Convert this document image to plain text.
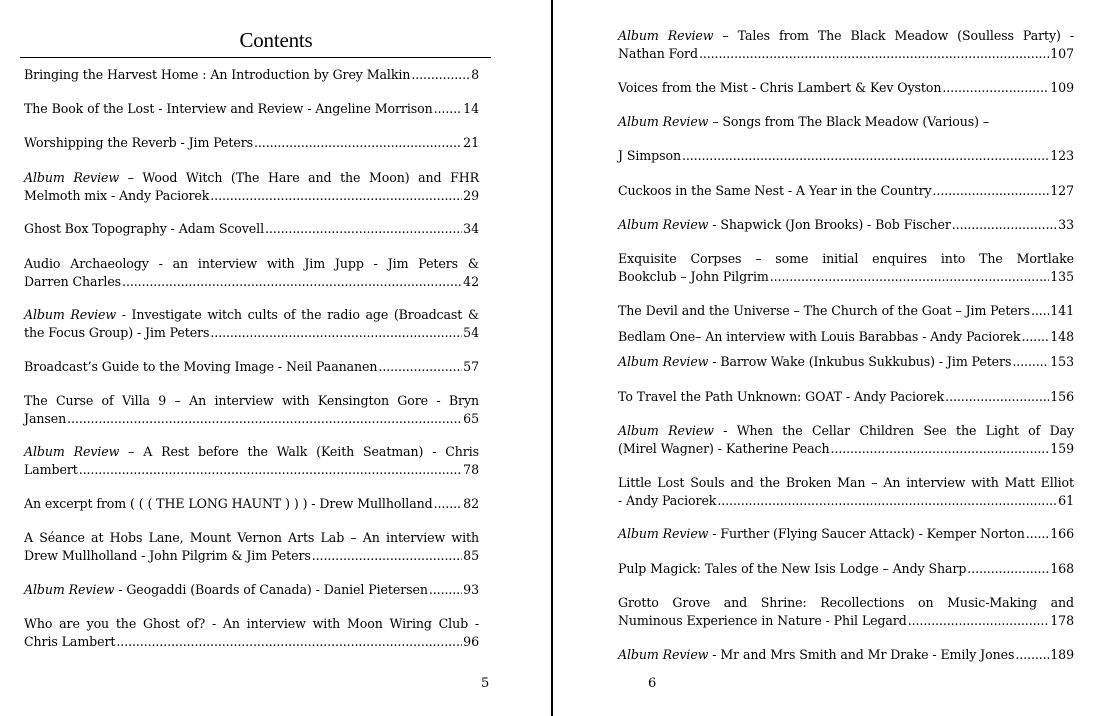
Contents
Bringing the Harvest Home : An Introduction by Grey Malkin .....	8
The Book of the Lost - Interview and Review - Angeline Morrison ..... 14
Worshipping the Reverb - Jim Peters .....	21
Album Review – Wood Witch (The Hare and the Moon) and FHR
Melmoth mix - Andy Paciorek .....	29
Ghost Box Topography - Adam Scovell .....	34
Audio Archaeology - an interview with Jim Jupp - Jim Peters &
Darren Charles .....	42
Album Review - Investigate witch cults of the radio age (Broadcast &
the Focus Group) - Jim Peters .....	54
Broadcast’s Guide to the Moving Image - Neil Paananen .....	57
The Curse of Villa 9 – An interview with Kensington Gore - Bryn
Jansen .....	65
Album Review – A Rest before the Walk (Keith Seatman) - Chris
Lambert .....	78
An excerpt from ( ( ( THE LONG HAUNT ) ) ) - Drew Mullholland ..... 82
A Séance at Hobs Lane, Mount Vernon Arts Lab – An interview with
Drew Mullholland - John Pilgrim & Jim Peters .....	85
Album Review - Geogaddi (Boards of Canada) - Daniel Pietersen .....	93
Who are you the Ghost of? - An interview with Moon Wiring Club -
Chris Lambert .....	96
5
Album Review – Tales from The Black Meadow (Soulless Party) -
Nathan Ford .....	107
Voices from the Mist - Chris Lambert & Kev Oyston .....	109
Album Review – Songs from The Black Meadow (Various) –
J Simpson .....	123
Cuckoos in the Same Nest - A Year in the Country .....	127
Album Review - Shapwick (Jon Brooks) - Bob Fischer .....	33
Exquisite Corpses – some initial enquires into The Mortlake
Bookclub – John Pilgrim .....	135
The Devil and the Universe – The Church of the Goat – Jim Peters ..... 141
Bedlam One– An interview with Louis Barabbas - Andy Paciorek ..... 148
Album Review - Barrow Wake (Inkubus Sukkubus) - Jim Peters .....	153
To Travel the Path Unknown: GOAT - Andy Paciorek .....	156
Album Review - When the Cellar Children See the Light of Day
(Mirel Wagner) - Katherine Peach .....	159
Little Lost Souls and the Broken Man – An interview with Matt Elliot
- Andy Paciorek .....	61
Album Review - Further (Flying Saucer Attack) - Kemper Norton ..... 166
Pulp Magick: Tales of the New Isis Lodge – Andy Sharp .....	168
Grotto Grove and Shrine: Recollections on Music-Making and
Numinous Experience in Nature - Phil Legard .....	178
Album Review - Mr and Mrs Smith and Mr Drake - Emily Jones .....	189
6
